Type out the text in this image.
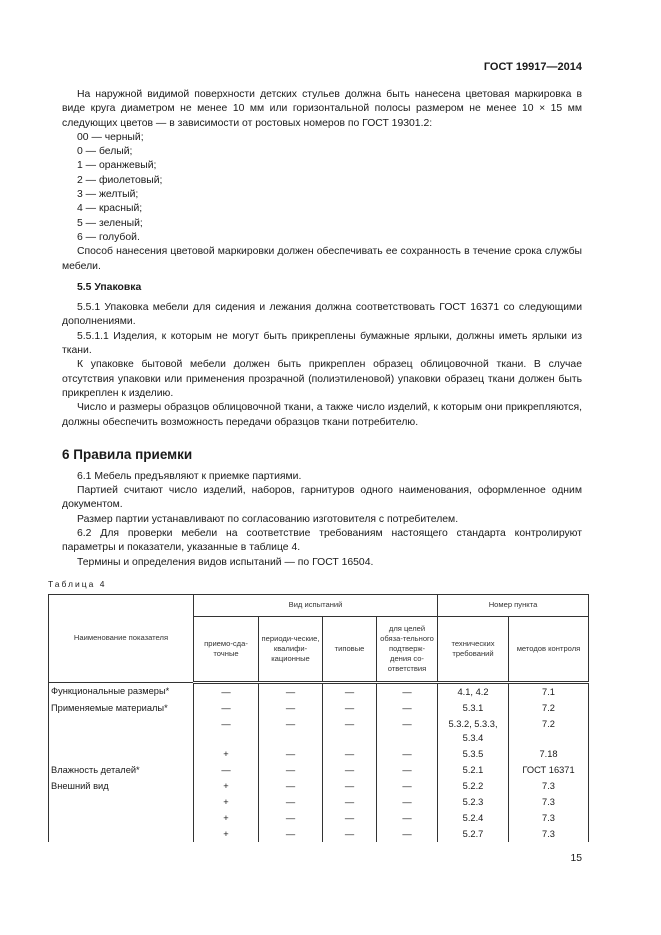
ГОСТ 19917—2014
На наружной видимой поверхности детских стульев должна быть нанесена цветовая маркировка в виде круга диаметром не менее 10 мм или горизонтальной полосы размером не менее 10 × 15 мм следующих цветов — в зависимости от ростовых номеров по ГОСТ 19301.2:
00 — черный;
0 — белый;
1 — оранжевый;
2 — фиолетовый;
3 — желтый;
4 — красный;
5 — зеленый;
6 — голубой.
Способ нанесения цветовой маркировки должен обеспечивать ее сохранность в течение срока службы мебели.
5.5 Упаковка
5.5.1 Упаковка мебели для сидения и лежания должна соответствовать ГОСТ 16371 со следующими дополнениями.
5.5.1.1 Изделия, к которым не могут быть прикреплены бумажные ярлыки, должны иметь ярлыки из ткани.
К упаковке бытовой мебели должен быть прикреплен образец облицовочной ткани. В случае отсутствия упаковки или применения прозрачной (полиэтиленовой) упаковки образец ткани должен быть прикреплен к изделию.
Число и размеры образцов облицовочной ткани, а также число изделий, к которым они прикрепляются, должны обеспечить возможность передачи образцов ткани потребителю.
6 Правила приемки
6.1 Мебель предъявляют к приемке партиями.
Партией считают число изделий, наборов, гарнитуров одного наименования, оформленное одним документом.
Размер партии устанавливают по согласованию изготовителя с потребителем.
6.2 Для проверки мебели на соответствие требованиям настоящего стандарта контролируют параметры и показатели, указанные в таблице 4.
Термины и определения видов испытаний — по ГОСТ 16504.
Таблица 4
Наименование показателя	Вид испытаний				Номер пункта	
	приемо-сда-точные	периоди-ческие, квалифи-кационные	типовые	для целей обяза-тельного подтверж-дения со-ответствия	технических требований	методов контроля
Функциональные размеры*	—	—	—	—	4.1, 4.2	7.1
Применяемые материалы*	—	—	—	—	5.3.1	7.2
	—	—	—	—	5.3.2, 5.3.3, 5.3.4	7.2
	+	—	—	—	5.3.5	7.18
Влажность деталей*	—	—	—	—	5.2.1	ГОСТ 16371
Внешний вид	+	—	—	—	5.2.2	7.3
	+	—	—	—	5.2.3	7.3
	+	—	—	—	5.2.4	7.3
	+	—	—	—	5.2.7	7.3
15
